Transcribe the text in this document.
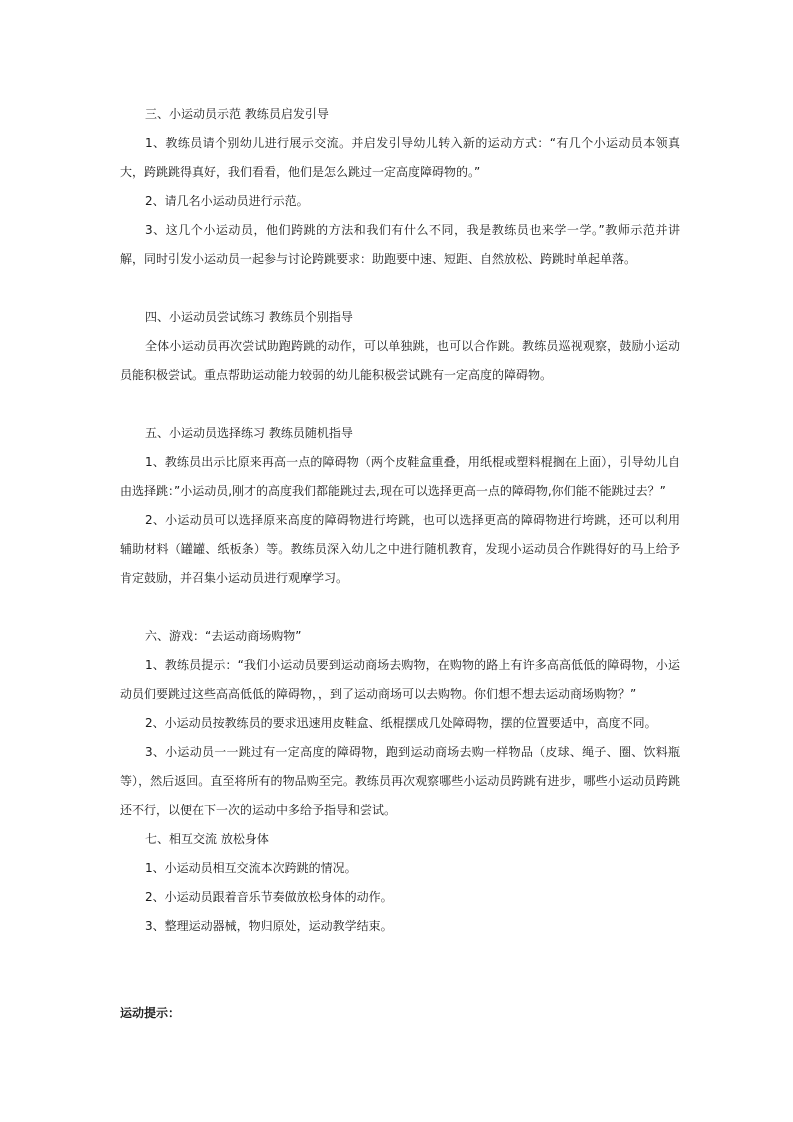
三、小运动员示范 教练员启发引导

1、教练员请个别幼儿进行展示交流。并启发引导幼儿转入新的运动方式：“有几个小运动员本领真大，跨跳跳得真好，我们看看，他们是怎么跳过一定高度障碍物的。”

2、请几名小运动员进行示范。

3、这几个小运动员，他们跨跳的方法和我们有什么不同，我是教练员也来学一学。”教师示范并讲解，同时引发小运动员一起参与讨论跨跳要求：助跑要中速、短距、自然放松、跨跳时单起单落。

四、小运动员尝试练习 教练员个别指导

全体小运动员再次尝试助跑跨跳的动作，可以单独跳，也可以合作跳。教练员巡视观察，鼓励小运动员能积极尝试。重点帮助运动能力较弱的幼儿能积极尝试跳有一定高度的障碍物。

五、小运动员选择练习 教练员随机指导

1、教练员出示比原来再高一点的障碍物（两个皮鞋盒重叠，用纸棍或塑料棍搁在上面），引导幼儿自由选择跳：”小运动员,刚才的高度我们都能跳过去,现在可以选择更高一点的障碍物,你们能不能跳过去？”

2、小运动员可以选择原来高度的障碍物进行垮跳，也可以选择更高的障碍物进行垮跳，还可以利用辅助材料（罐罐、纸板条）等。教练员深入幼儿之中进行随机教育，发现小运动员合作跳得好的马上给予肯定鼓励，并召集小运动员进行观摩学习。

六、游戏：“去运动商场购物”

1、教练员提示：“我们小运动员要到运动商场去购物，在购物的路上有许多高高低低的障碍物，小运动员们要跳过这些高高低低的障碍物，，到了运动商场可以去购物。你们想不想去运动商场购物？”

2、小运动员按教练员的要求迅速用皮鞋盒、纸棍摆成几处障碍物，摆的位置要适中，高度不同。

3、小运动员一一跳过有一定高度的障碍物，跑到运动商场去购一样物品（皮球、绳子、圈、饮料瓶等），然后返回。直至将所有的物品购至完。教练员再次观察哪些小运动员跨跳有进步，哪些小运动员跨跳还不行，以便在下一次的运动中多给予指导和尝试。

七、相互交流 放松身体

1、小运动员相互交流本次跨跳的情况。

2、小运动员跟着音乐节奏做放松身体的动作。

3、整理运动器械，物归原处，运动教学结束。

运动提示：
